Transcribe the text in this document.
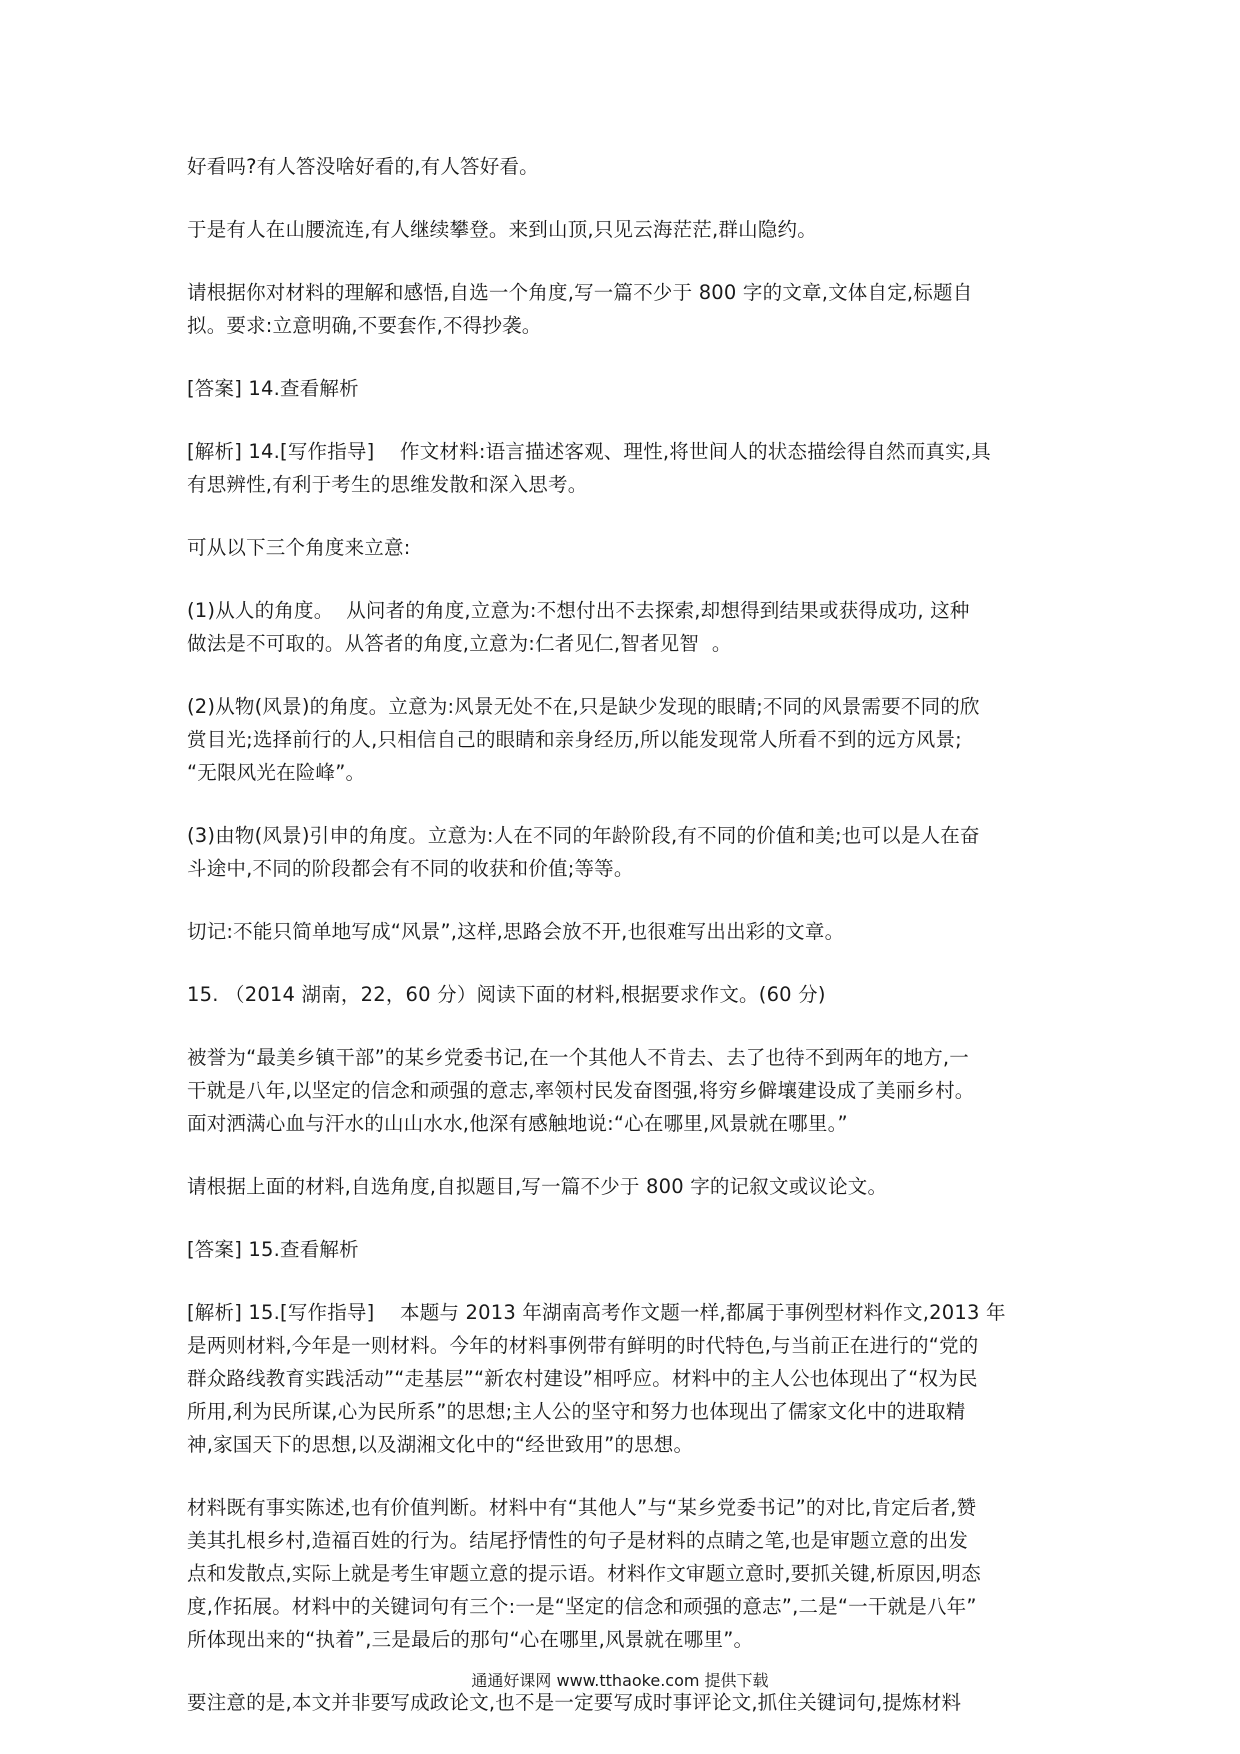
好看吗?有人答没啥好看的,有人答好看。

于是有人在山腰流连,有人继续攀登。来到山顶,只见云海茫茫,群山隐约。

请根据你对材料的理解和感悟,自选一个角度,写一篇不少于 800 字的文章,文体自定,标题自
拟。要求:立意明确,不要套作,不得抄袭。

[答案] 14.查看解析

[解析] 14.[写作指导]    作文材料:语言描述客观、理性,将世间人的状态描绘得自然而真实,具
有思辨性,有利于考生的思维发散和深入思考。

可从以下三个角度来立意:

(1)从人的角度。  从问者的角度,立意为:不想付出不去探索,却想得到结果或获得成功, 这种
做法是不可取的。从答者的角度,立意为:仁者见仁,智者见智  。

(2)从物(风景)的角度。立意为:风景无处不在,只是缺少发现的眼睛;不同的风景需要不同的欣
赏目光;选择前行的人,只相信自己的眼睛和亲身经历,所以能发现常人所看不到的远方风景;
“无限风光在险峰”。

(3)由物(风景)引申的角度。立意为:人在不同的年龄阶段,有不同的价值和美;也可以是人在奋
斗途中,不同的阶段都会有不同的收获和价值;等等。

切记:不能只简单地写成“风景”,这样,思路会放不开,也很难写出出彩的文章。

15. （2014 湖南，22，60 分）阅读下面的材料,根据要求作文。(60 分)

被誉为“最美乡镇干部”的某乡党委书记,在一个其他人不肯去、去了也待不到两年的地方,一
干就是八年,以坚定的信念和顽强的意志,率领村民发奋图强,将穷乡僻壤建设成了美丽乡村。
面对洒满心血与汗水的山山水水,他深有感触地说:“心在哪里,风景就在哪里。”

请根据上面的材料,自选角度,自拟题目,写一篇不少于 800 字的记叙文或议论文。

[答案] 15.查看解析

[解析] 15.[写作指导]    本题与 2013 年湖南高考作文题一样,都属于事例型材料作文,2013 年
是两则材料,今年是一则材料。今年的材料事例带有鲜明的时代特色,与当前正在进行的“党的
群众路线教育实践活动”“走基层”“新农村建设”相呼应。材料中的主人公也体现出了“权为民
所用,利为民所谋,心为民所系”的思想;主人公的坚守和努力也体现出了儒家文化中的进取精
神,家国天下的思想,以及湖湘文化中的“经世致用”的思想。

材料既有事实陈述,也有价值判断。材料中有“其他人”与“某乡党委书记”的对比,肯定后者,赞
美其扎根乡村,造福百姓的行为。结尾抒情性的句子是材料的点睛之笔,也是审题立意的出发
点和发散点,实际上就是考生审题立意的提示语。材料作文审题立意时,要抓关键,析原因,明态
度,作拓展。材料中的关键词句有三个:一是“坚定的信念和顽强的意志”,二是“一干就是八年”
所体现出来的“执着”,三是最后的那句“心在哪里,风景就在哪里”。

要注意的是,本文并非要写成政论文,也不是一定要写成时事评论文,抓住关键词句,提炼材料

通通好课网 www.tthaoke.com 提供下载
